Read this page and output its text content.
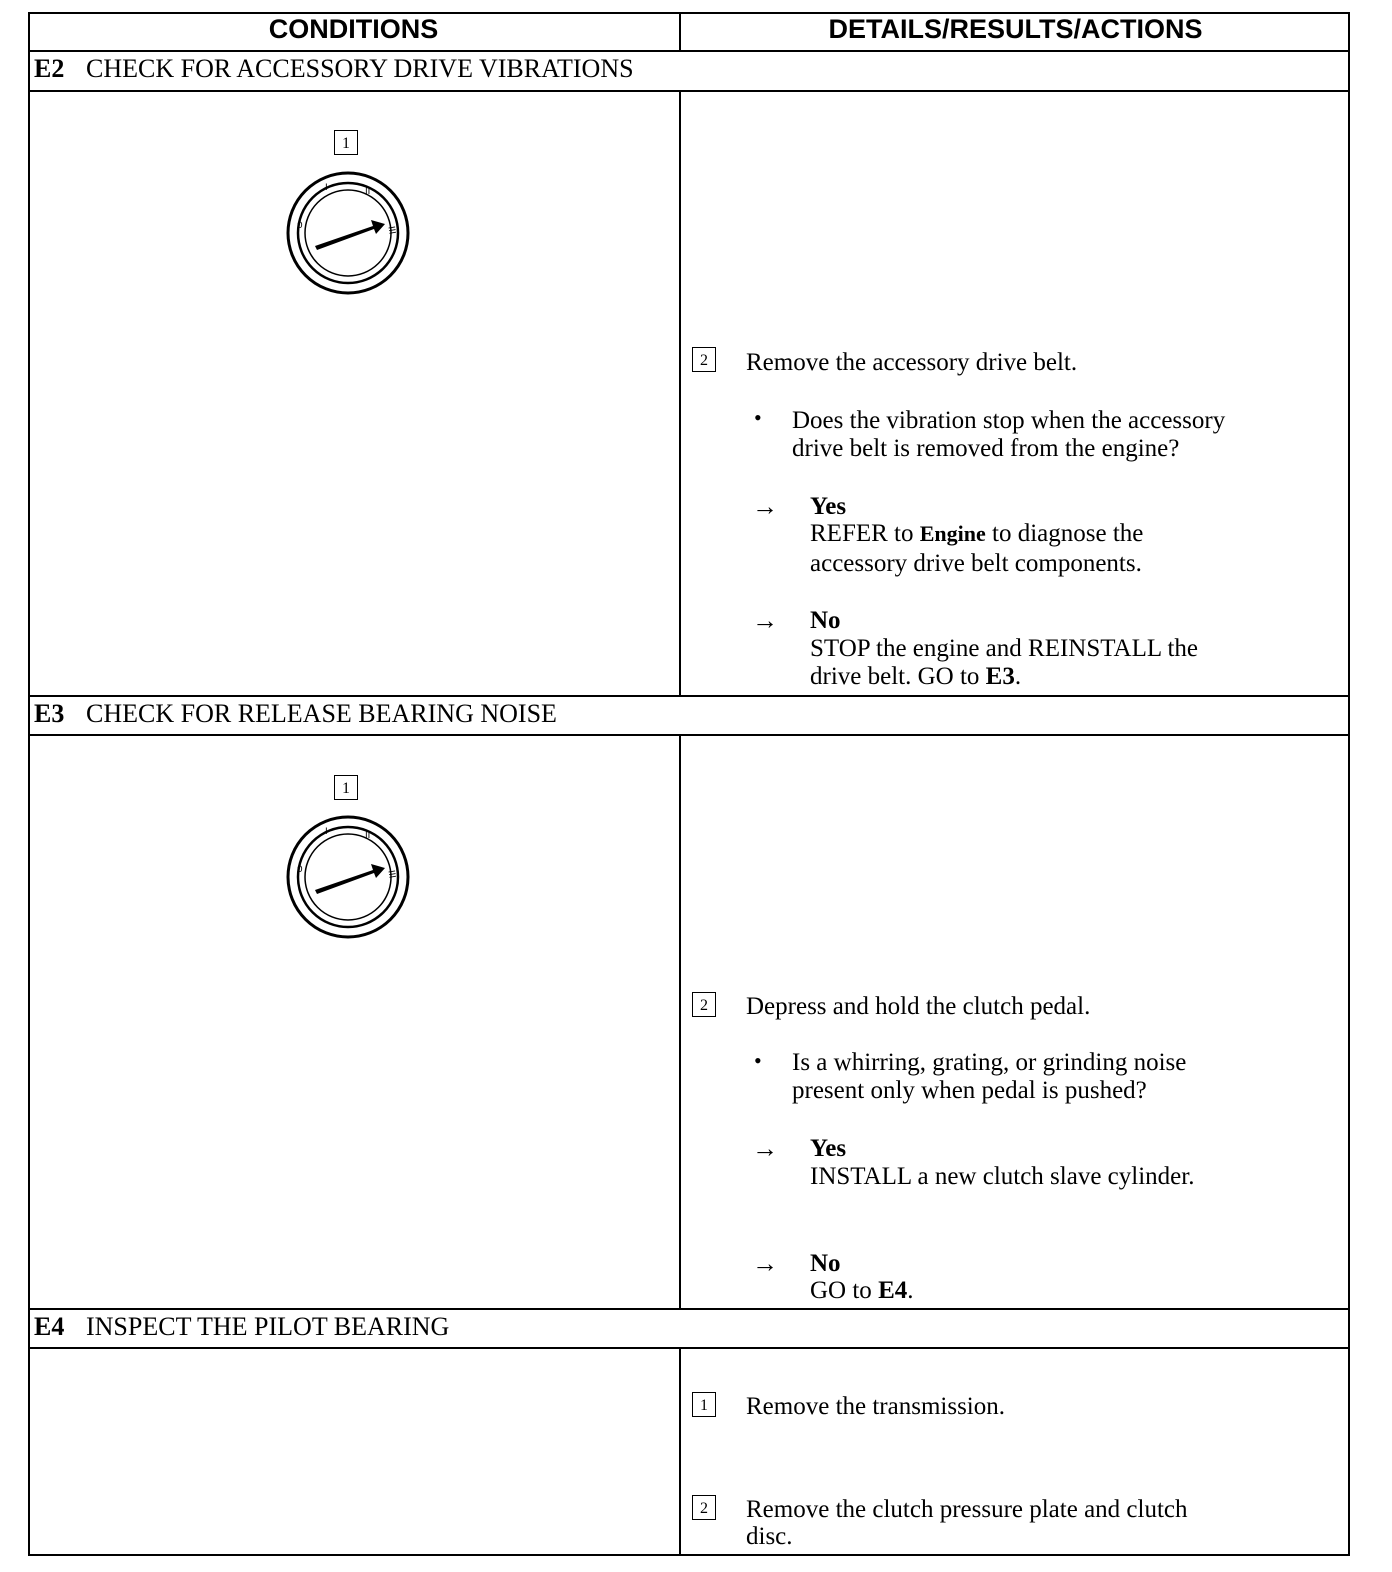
CONDITIONS	DETAILS/RESULTS/ACTIONS
E2 CHECK FOR ACCESSORY DRIVE VIBRATIONS
1
0
I	II
III
2	Remove the accessory drive belt.
• Does the vibration stop when the accessory
drive belt is removed from the engine?
→ Yes
REFER to Engine to diagnose the
accessory drive belt components.
→ No
STOP the engine and REINSTALL the
drive belt. GO to E3.
E3 CHECK FOR RELEASE BEARING NOISE
1
0
I	II
III
2	Depress and hold the clutch pedal.
• Is a whirring, grating, or grinding noise
present only when pedal is pushed?
→ Yes
INSTALL a new clutch slave cylinder.
→ No
GO to E4.
E4 INSPECT THE PILOT BEARING
1	Remove the transmission.
2	Remove the clutch pressure plate and clutch
disc.
